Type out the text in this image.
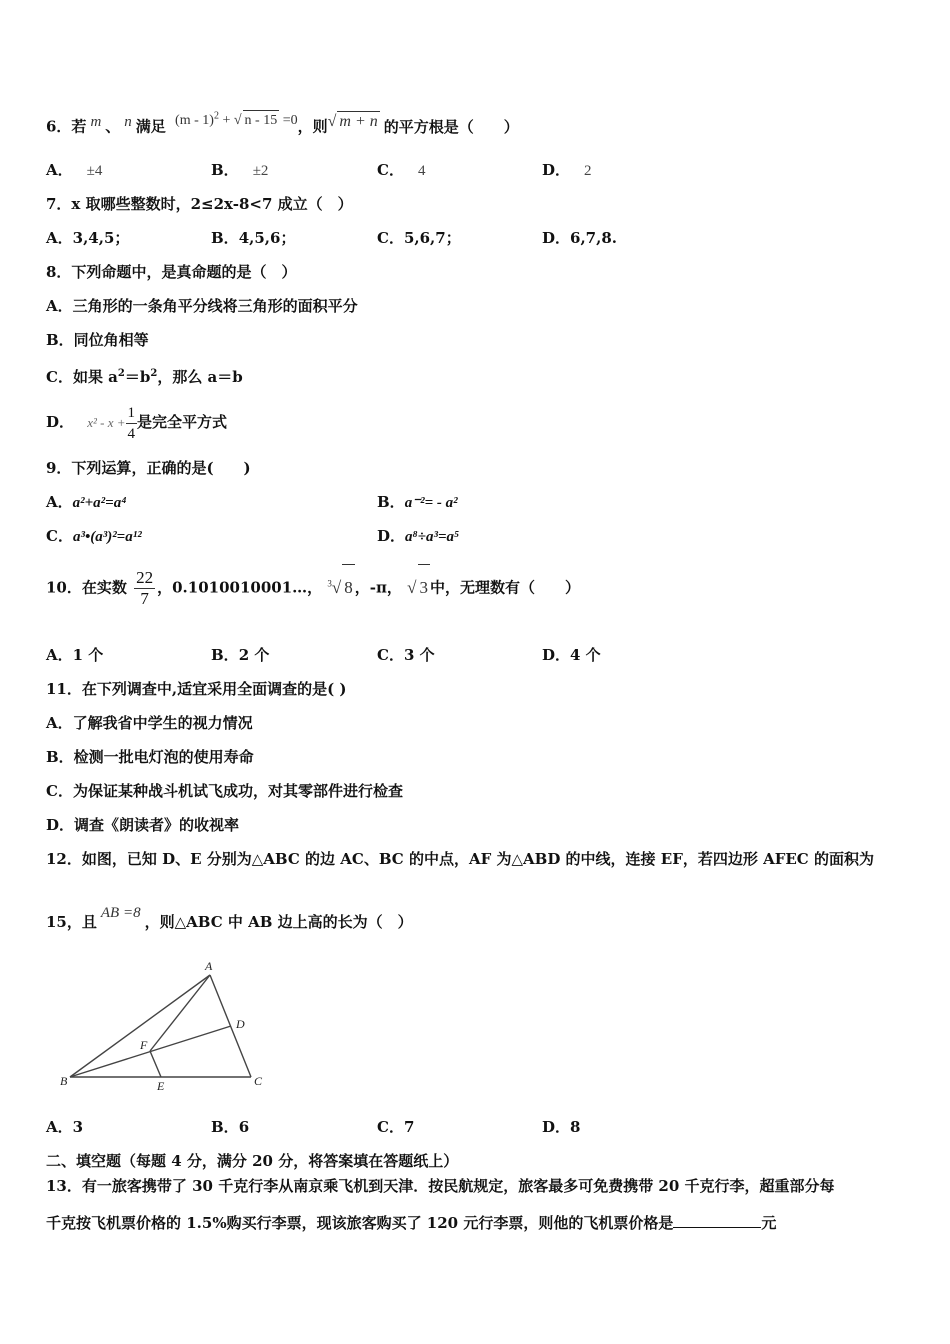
6．若 m 、 n 满足 (m - 1)$^2$ + √ n - 15 =0，则√ m + n 的平方根是（　　）
A． ±4	B． ±2	C． 4	D． 2
7．x 取哪些整数时，2≤2x-8<7 成立（　）
A．3,4,5；	B．4,5,6；	C．5,6,7；	D．6,7,8.
8．下列命题中，是真命题的是（　）
A．三角形的一条角平分线将三角形的面积平分
B．同位角相等
C．如果 $a^2=b^2$，那么 a＝b
D． $x^2 - x + \frac{1}{4}$ 是完全平方式
9．下列运算，正确的是(　　)
A．a²+a²=a⁴	B．a⁻²= - a²
C．a³•(a³)²=a¹²	D．a⁸÷a³=a⁵
10．在实数 $\frac{22}{7}$ ，0.1010010001…， $^3$√ 8 ，-π， √ 3 中，无理数有（　　）
A．1 个	B．2 个	C．3 个	D．4 个
11．在下列调查中,适宜采用全面调查的是( )
A．了解我省中学生的视力情况
B．检测一批电灯泡的使用寿命
C．为保证某种战斗机试飞成功，对其零部件进行检查
D．调查《朗读者》的收视率
12．如图，已知 D、E 分别为△ABC 的边 AC、BC 的中点，AF 为△ABD 的中线，连接 EF，若四边形 AFEC 的面积为
15，且 AB =8 ，则△ABC 中 AB 边上高的长为（　）
A
D
F
B	E	C
A．3	B．6	C．7	D．8
二、填空题（每题 4 分，满分 20 分，将答案填在答题纸上）
13．有一旅客携带了 30 千克行李从南京乘飞机到天津．按民航规定，旅客最多可免费携带 20 千克行李，超重部分每
千克按飞机票价格的 1.5%购买行李票，现该旅客购买了 120 元行李票，则他的飞机票价格是	元
